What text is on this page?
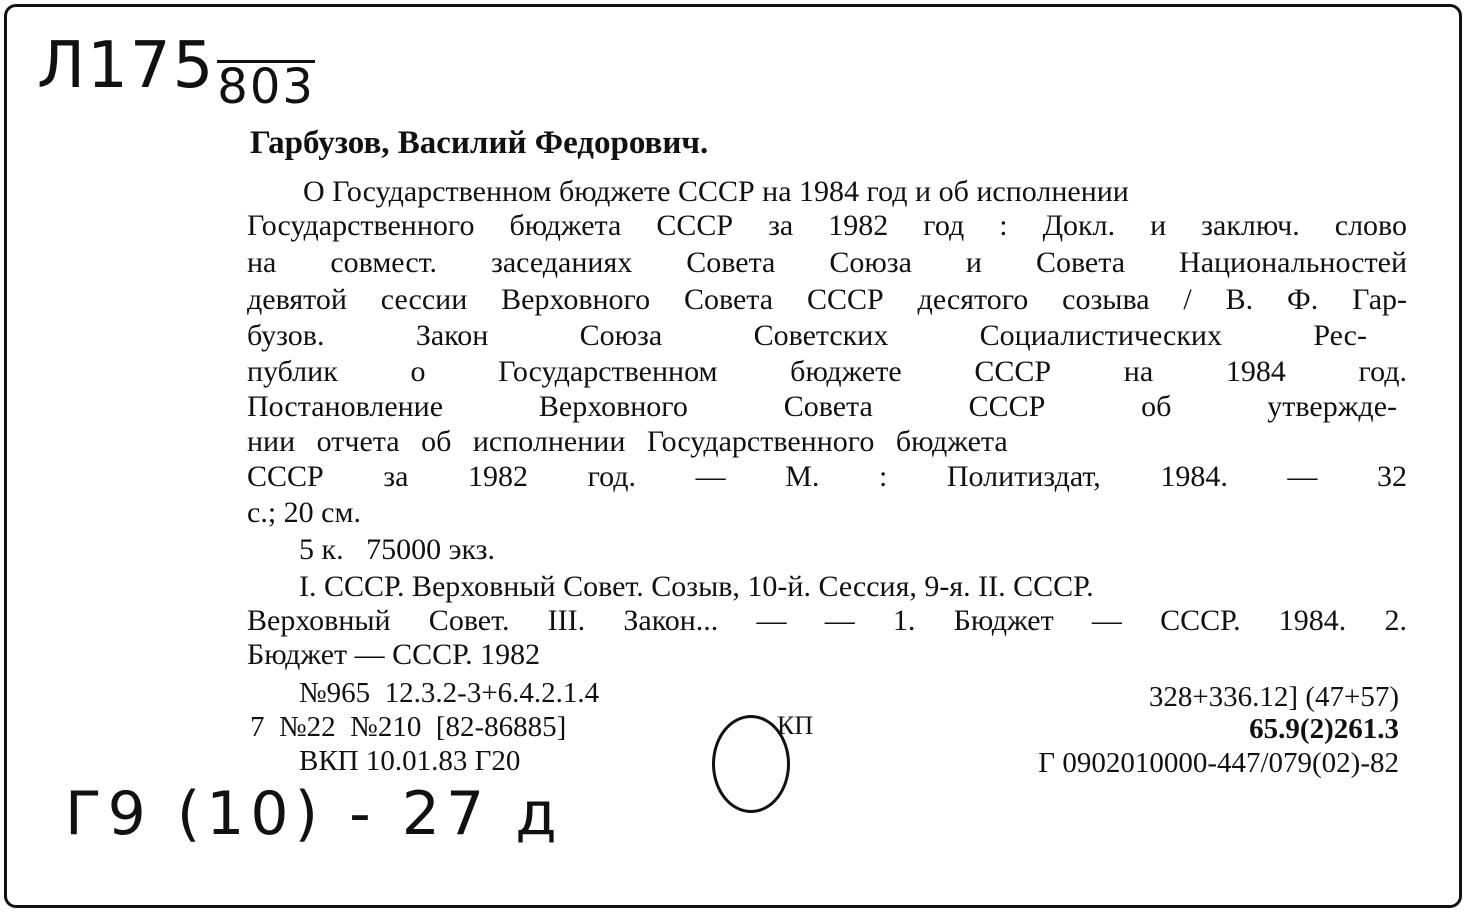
Л175803
Гарбузов, Василий Федорович.
О Государственном бюджете СССР на 1984 год и об исполнении
Государственного бюджета СССР за 1982 год : Докл. и заключ. слово
на совмест. заседаниях Совета Союза и Совета Национальностей
девятой сессии Верховного Совета СССР десятого созыва / В. Ф. Гар-
бузов. Закон Союза Советских Социалистических Рес-
публик о Государственном бюджете СССР на 1984 год.
Постановление Верховного Совета СССР об утвержде-
нии отчета об исполнении Государственного бюджета
СССР за 1982 год. — М. : Политиздат, 1984. — 32
с.; 20 см.
5 к.   75000 экз.
I. СССР. Верховный Совет. Созыв, 10-й. Сессия, 9-я. II. СССР.
Верховный Совет. III. Закон... — — 1. Бюджет — СССР. 1984. 2.
Бюджет — СССР. 1982
№965  12.3.2-3+6.4.2.1.4
7  №22  №210  [82-86885]
ВКП 10.01.83 Г20
КП
328+336.12] (47+57)
65.9(2)261.3
Г 0902010000-447/079(02)-82
Г9 (10) - 27 д
